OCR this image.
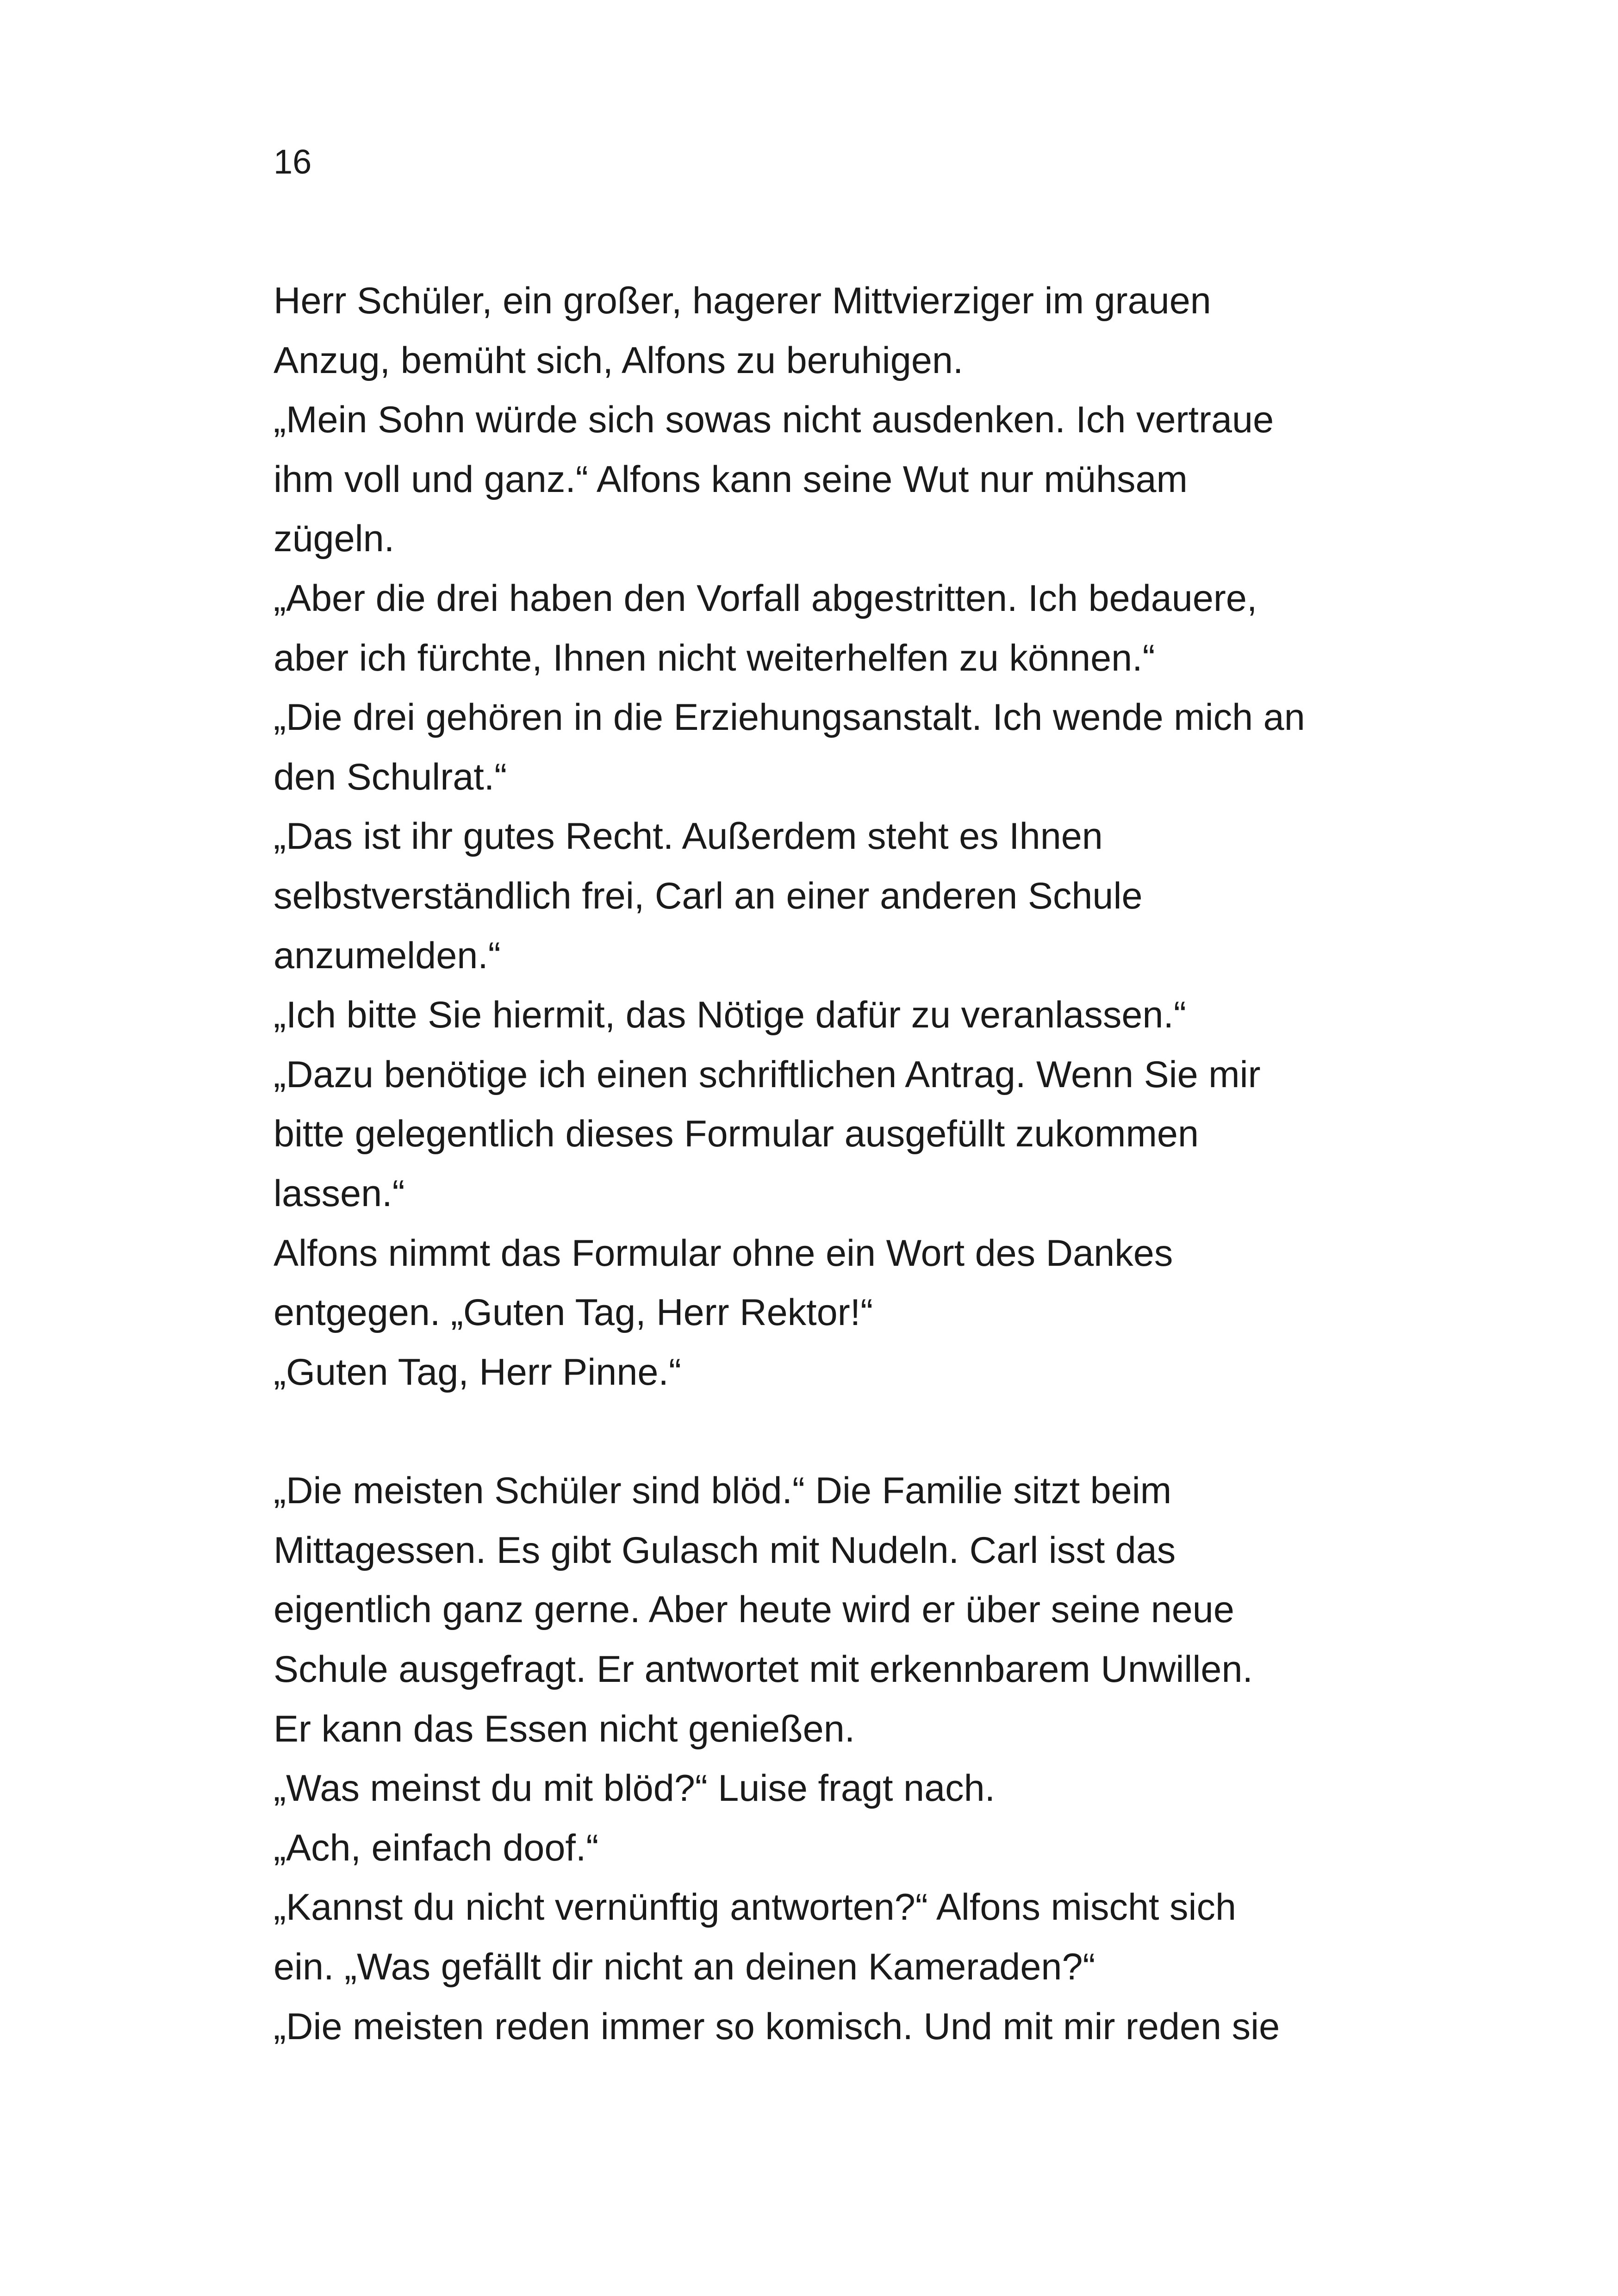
16
Herr Schüler, ein großer, hagerer Mittvierziger im grauen
Anzug, bemüht sich, Alfons zu beruhigen.
„Mein Sohn würde sich sowas nicht ausdenken. Ich vertraue
ihm voll und ganz.“ Alfons kann seine Wut nur mühsam
zügeln.
„Aber die drei haben den Vorfall abgestritten. Ich bedauere,
aber ich fürchte, Ihnen nicht weiterhelfen zu können.“
„Die drei gehören in die Erziehungsanstalt. Ich wende mich an
den Schulrat.“
„Das ist ihr gutes Recht. Außerdem steht es Ihnen
selbstverständlich frei, Carl an einer anderen Schule
anzumelden.“
„Ich bitte Sie hiermit, das Nötige dafür zu veranlassen.“
„Dazu benötige ich einen schriftlichen Antrag. Wenn Sie mir
bitte gelegentlich dieses Formular ausgefüllt zukommen
lassen.“
Alfons nimmt das Formular ohne ein Wort des Dankes
entgegen. „Guten Tag, Herr Rektor!“
„Guten Tag, Herr Pinne.“
„Die meisten Schüler sind blöd.“ Die Familie sitzt beim
Mittagessen. Es gibt Gulasch mit Nudeln. Carl isst das
eigentlich ganz gerne. Aber heute wird er über seine neue
Schule ausgefragt. Er antwortet mit erkennbarem Unwillen.
Er kann das Essen nicht genießen.
„Was meinst du mit blöd?“ Luise fragt nach.
„Ach, einfach doof.“
„Kannst du nicht vernünftig antworten?“ Alfons mischt sich
ein. „Was gefällt dir nicht an deinen Kameraden?“
„Die meisten reden immer so komisch. Und mit mir reden sie
